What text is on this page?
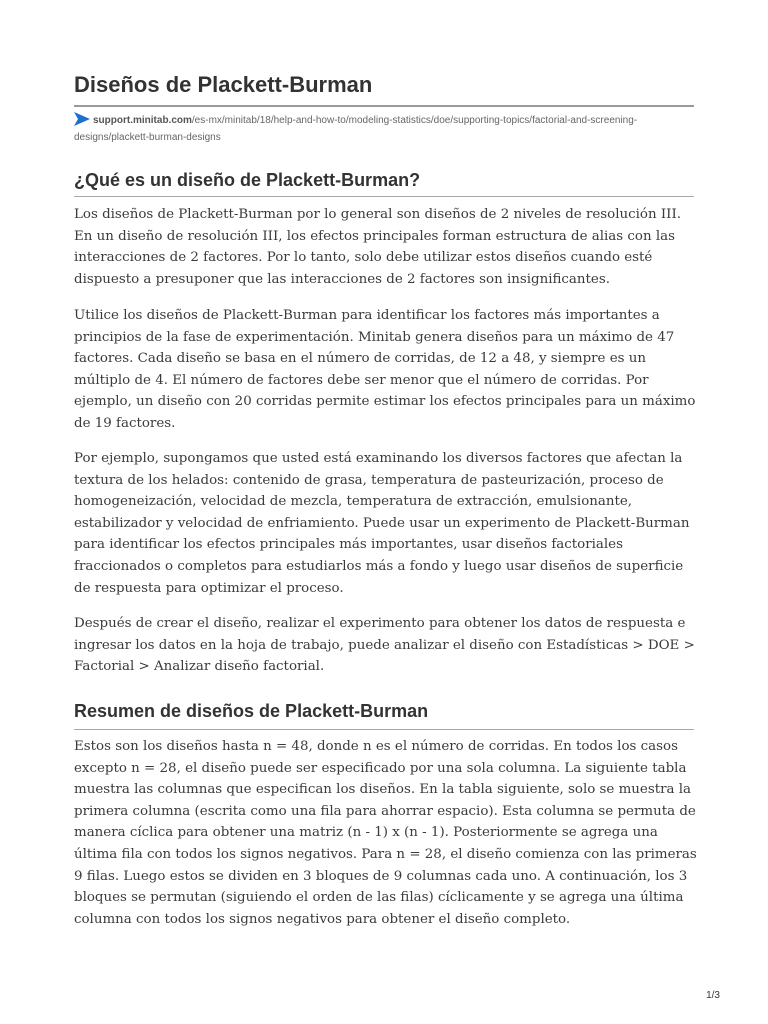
Diseños de Plackett-Burman
support.minitab.com/es-mx/minitab/18/help-and-how-to/modeling-statistics/doe/supporting-topics/factorial-and-screening-designs/plackett-burman-designs
¿Qué es un diseño de Plackett-Burman?

Los diseños de Plackett-Burman por lo general son diseños de 2 niveles de resolución III. En un diseño de resolución III, los efectos principales forman estructura de alias con las interacciones de 2 factores. Por lo tanto, solo debe utilizar estos diseños cuando esté dispuesto a presuponer que las interacciones de 2 factores son insignificantes.

Utilice los diseños de Plackett-Burman para identificar los factores más importantes a principios de la fase de experimentación. Minitab genera diseños para un máximo de 47 factores. Cada diseño se basa en el número de corridas, de 12 a 48, y siempre es un múltiplo de 4. El número de factores debe ser menor que el número de corridas. Por ejemplo, un diseño con 20 corridas permite estimar los efectos principales para un máximo de 19 factores.

Por ejemplo, supongamos que usted está examinando los diversos factores que afectan la textura de los helados: contenido de grasa, temperatura de pasteurización, proceso de homogeneización, velocidad de mezcla, temperatura de extracción, emulsionante, estabilizador y velocidad de enfriamiento. Puede usar un experimento de Plackett-Burman para identificar los efectos principales más importantes, usar diseños factoriales fraccionados o completos para estudiarlos más a fondo y luego usar diseños de superficie de respuesta para optimizar el proceso.

Después de crear el diseño, realizar el experimento para obtener los datos de respuesta e ingresar los datos en la hoja de trabajo, puede analizar el diseño con Estadísticas > DOE > Factorial > Analizar diseño factorial.

Resumen de diseños de Plackett-Burman

Estos son los diseños hasta n = 48, donde n es el número de corridas. En todos los casos excepto n = 28, el diseño puede ser especificado por una sola columna. La siguiente tabla muestra las columnas que especifican los diseños. En la tabla siguiente, solo se muestra la primera columna (escrita como una fila para ahorrar espacio). Esta columna se permuta de manera cíclica para obtener una matriz (n - 1) x (n - 1). Posteriormente se agrega una última fila con todos los signos negativos. Para n = 28, el diseño comienza con las primeras 9 filas. Luego estos se dividen en 3 bloques de 9 columnas cada uno. A continuación, los 3 bloques se permutan (siguiendo el orden de las filas) cíclicamente y se agrega una última columna con todos los signos negativos para obtener el diseño completo.

1/3
